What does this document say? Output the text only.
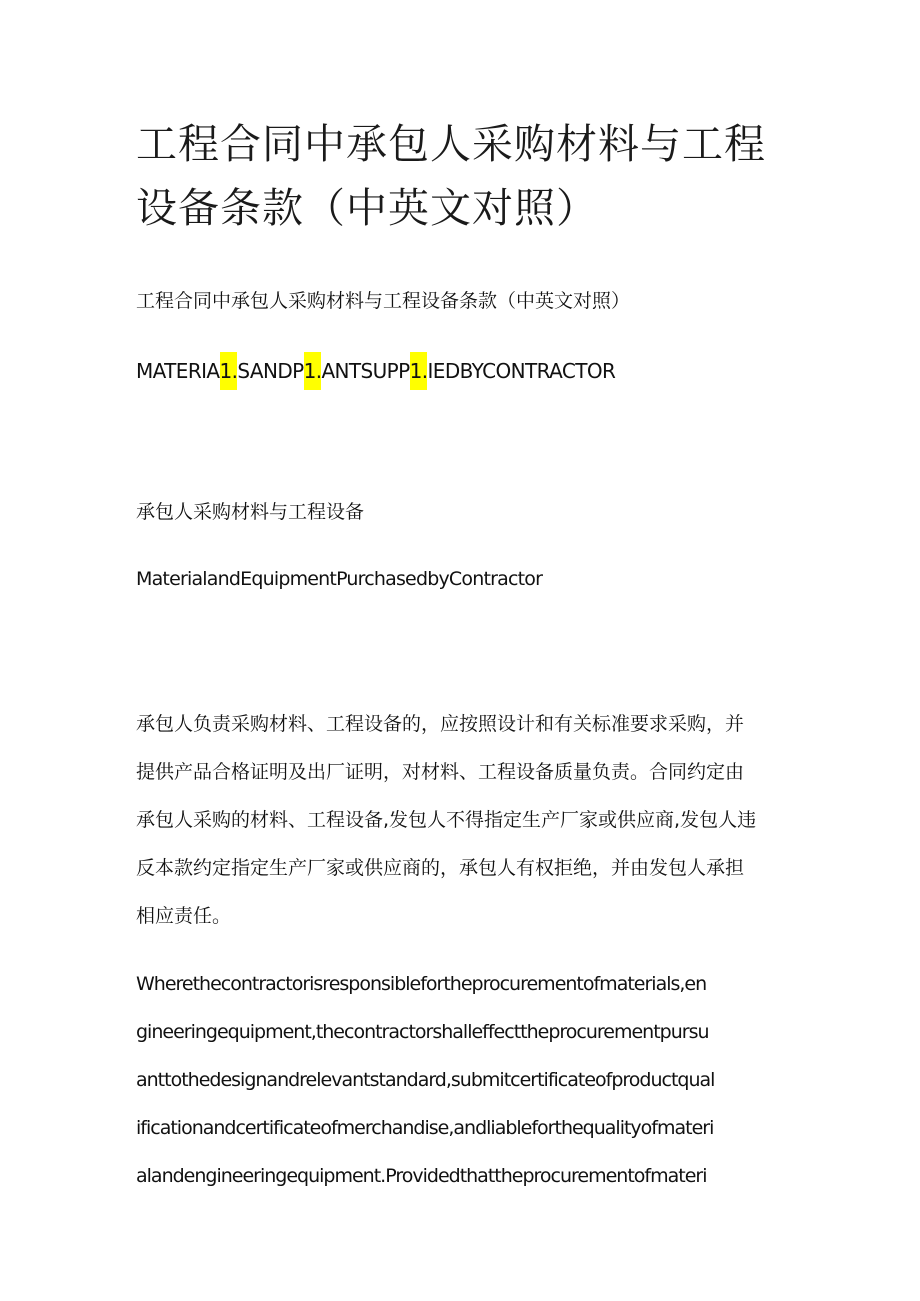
工程合同中承包人采购材料与工程设备条款（中英文对照）

工程合同中承包人采购材料与工程设备条款（中英文对照）

MATERIA1.SANDP1.ANTSUPP1.IEDBYCONTRACTOR

承包人采购材料与工程设备

MaterialandEquipmentPurchasedbyContractor

承包人负责采购材料、工程设备的，应按照设计和有关标准要求采购，并
提供产品合格证明及出厂证明，对材料、工程设备质量负责。合同约定由
承包人采购的材料、工程设备,发包人不得指定生产厂家或供应商,发包人违
反本款约定指定生产厂家或供应商的，承包人有权拒绝，并由发包人承担
相应责任。
Wherethecontractorisresponsiblefortheprocurementofmaterials,en
gineeringequipment,thecontractorshalleffecttheprocurementpursu
anttothedesignandrelevantstandard,submitcertificateofproductqual
ificationandcertificateofmerchandise,andliableforthequalityofmateri
alandengineeringequipment.Providedthattheprocurementofmateri
